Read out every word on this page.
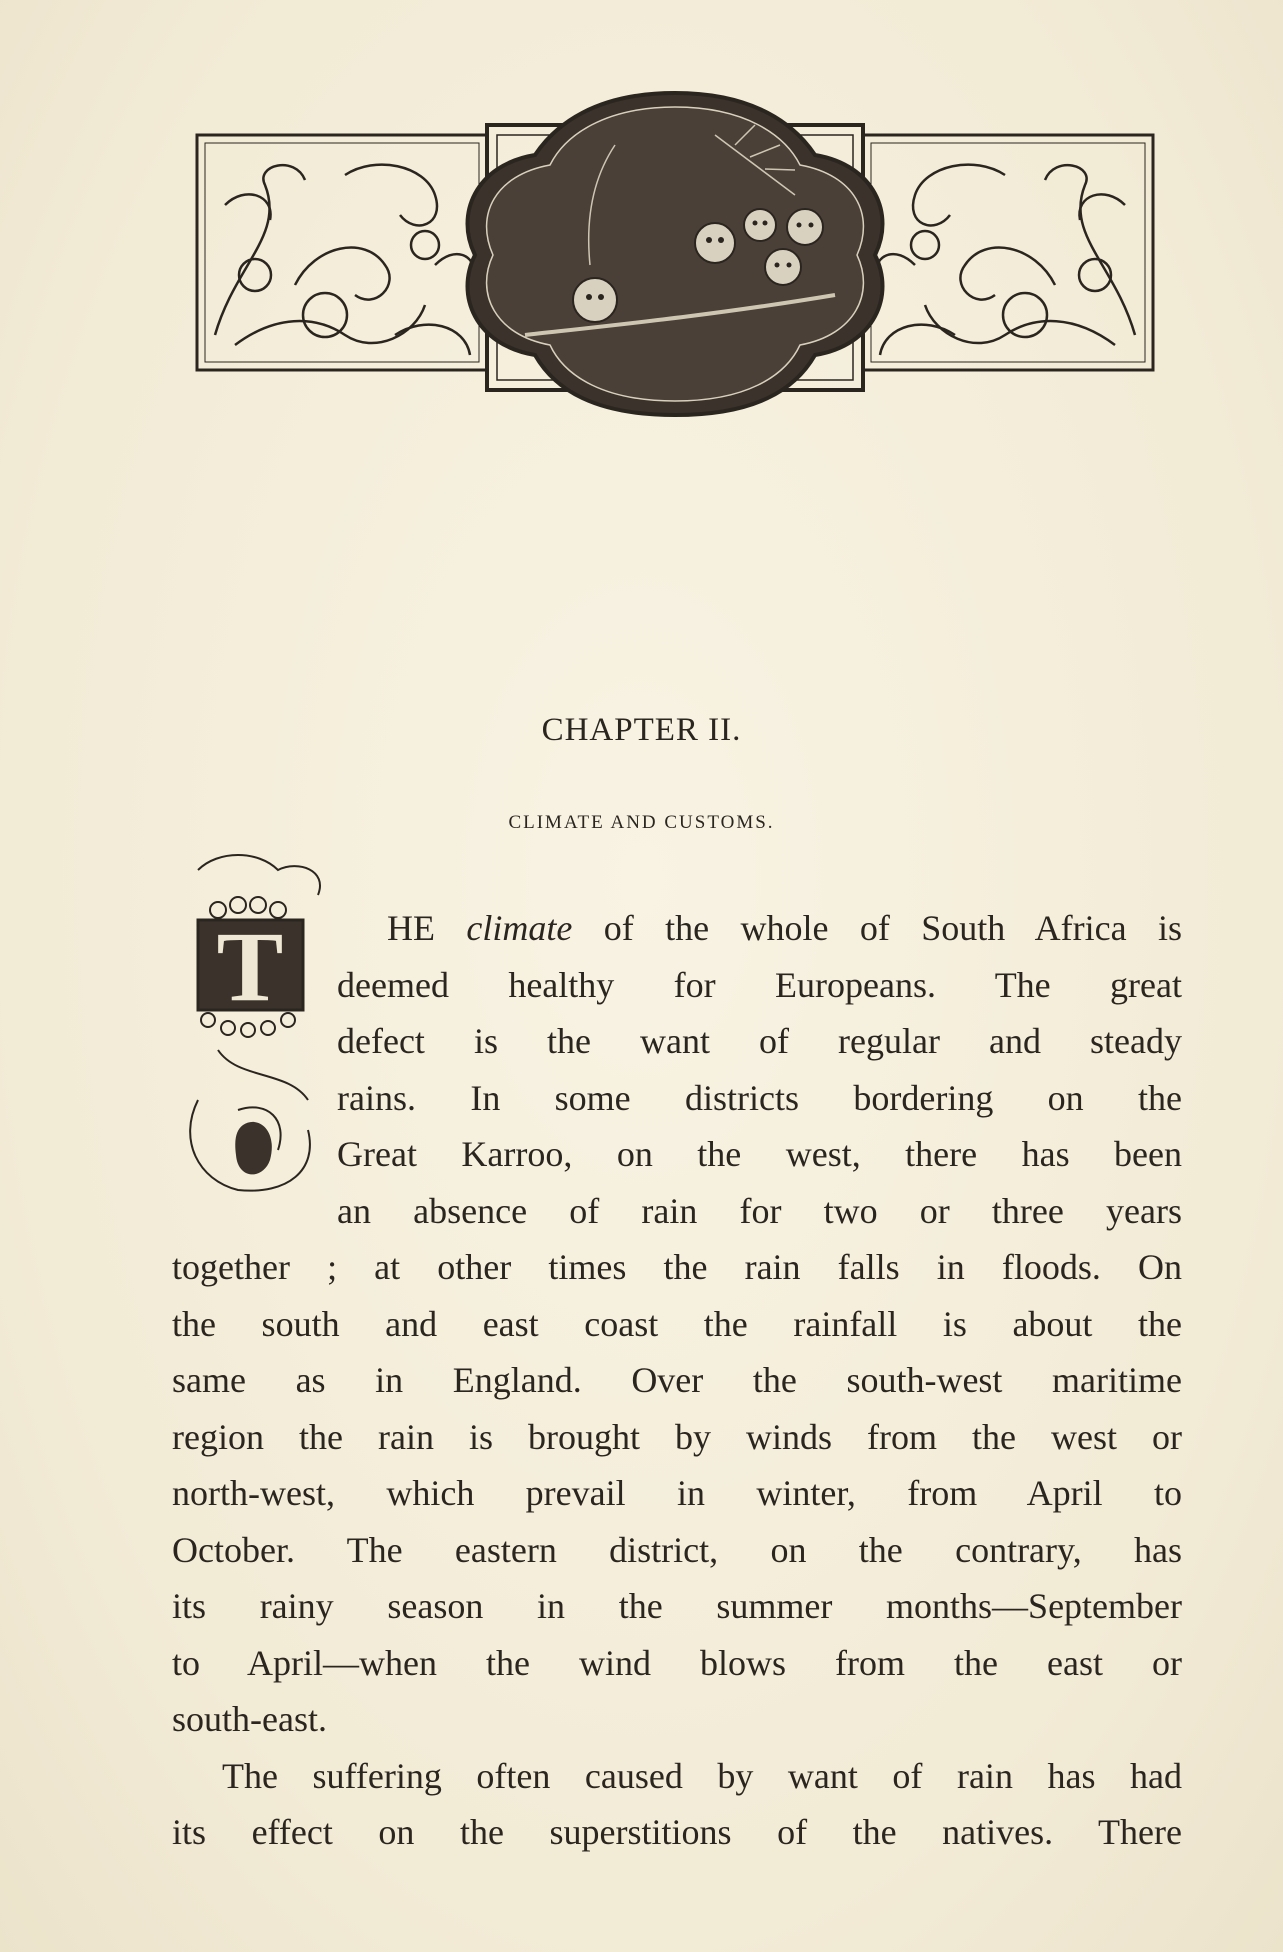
CHAPTER II.
CLIMATE AND CUSTOMS.
T	HE climate of the whole of South Africa is
deemed healthy for Europeans. The great
defect is the want of regular and steady
rains. In some districts bordering on the
Great Karroo, on the west, there has been
an absence of rain for two or three years
together ; at other times the rain falls in floods. On
the south and east coast the rainfall is about the
same as in England. Over the south-west maritime
region the rain is brought by winds from the west or
north-west, which prevail in winter, from April to
October. The eastern district, on the contrary, has
its rainy season in the summer months—September
to April—when the wind blows from the east or
south-east.
The suffering often caused by want of rain has had
its effect on the superstitions of the natives. There
